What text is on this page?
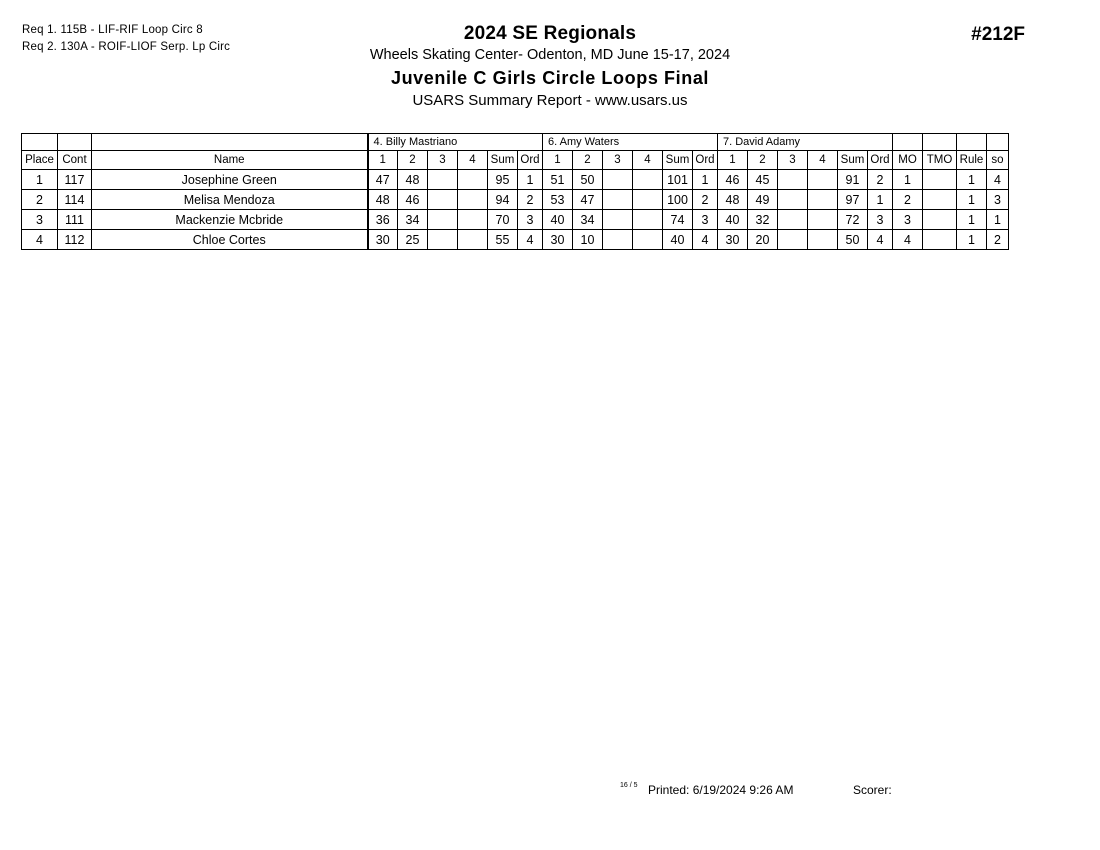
Req 1. 115B - LIF-RIF Loop Circ 8
Req 2. 130A - ROIF-LIOF Serp. Lp Circ
2024 SE Regionals
Wheels Skating Center- Odenton, MD June 15-17, 2024
Juvenile C Girls Circle Loops Final
USARS Summary Report - www.usars.us
#212F
			4. Billy Mastriano						6. Amy Waters						7. David Adamy									
Place	Cont	Name	1	2	3	4	Sum	Ord	1	2	3	4	Sum	Ord	1	2	3	4	Sum	Ord	MO	TMO	Rule	so
1	117	Josephine Green	47	48			95	1	51	50			101	1	46	45			91	2	1		1	4
2	114	Melisa Mendoza	48	46			94	2	53	47			100	2	48	49			97	1	2		1	3
3	111	Mackenzie Mcbride	36	34			70	3	40	34			74	3	40	32			72	3	3		1	1
4	112	Chloe Cortes	30	25			55	4	30	10			40	4	30	20			50	4	4		1	2
16 / 5 Printed: 6/19/2024 9:26 AM	Scorer:
